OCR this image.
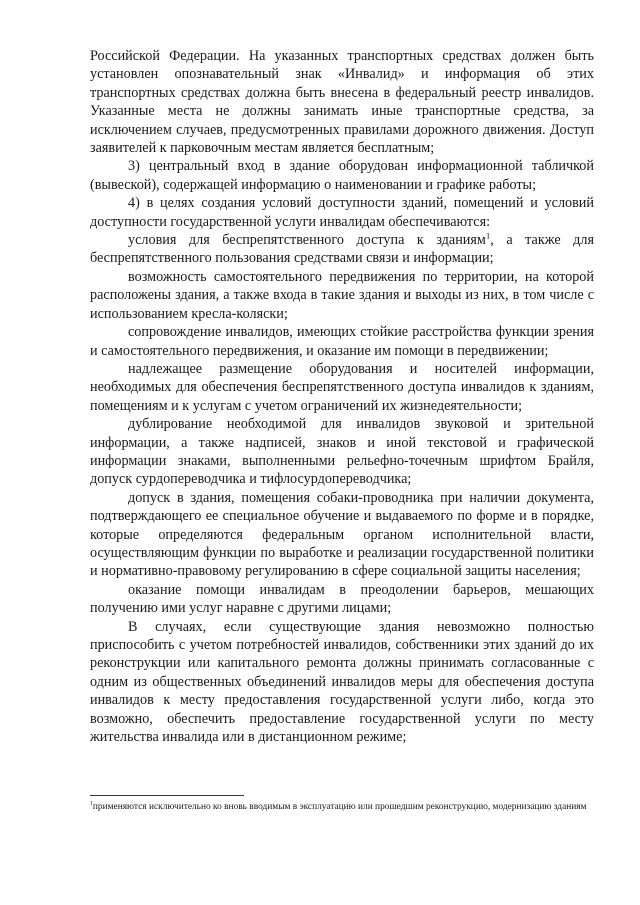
Российской Федерации. На указанных транспортных средствах должен быть установлен опознавательный знак «Инвалид» и информация об этих транспортных средствах должна быть внесена в федеральный реестр инвалидов. Указанные места не должны занимать иные транспортные средства, за исключением случаев, предусмотренных правилами дорожного движения. Доступ заявителей к парковочным местам является бесплатным;

3) центральный вход в здание оборудован информационной табличкой (вывеской), содержащей информацию о наименовании и графике работы;

4) в целях создания условий доступности зданий, помещений и условий доступности государственной услуги инвалидам обеспечиваются:

условия для беспрепятственного доступа к зданиям$^1$, а также для беспрепятственного пользования средствами связи и информации;

возможность самостоятельного передвижения по территории, на которой расположены здания, а также входа в такие здания и выходы из них, в том числе с использованием кресла-коляски;

сопровождение инвалидов, имеющих стойкие расстройства функции зрения и самостоятельного передвижения, и оказание им помощи в передвижении;

надлежащее размещение оборудования и носителей информации, необходимых для обеспечения беспрепятственного доступа инвалидов к зданиям, помещениям и к услугам с учетом ограничений их жизнедеятельности;

дублирование необходимой для инвалидов звуковой и зрительной информации, а также надписей, знаков и иной текстовой и графической информации знаками, выполненными рельефно-точечным шрифтом Брайля, допуск сурдопереводчика и тифлосурдопереводчика;

допуск в здания, помещения собаки-проводника при наличии документа, подтверждающего ее специальное обучение и выдаваемого по форме и в порядке, которые определяются федеральным органом исполнительной власти, осуществляющим функции по выработке и реализации государственной политики и нормативно-правовому регулированию в сфере социальной защиты населения;

оказание помощи инвалидам в преодолении барьеров, мешающих получению ими услуг наравне с другими лицами;

В случаях, если существующие здания невозможно полностью приспособить с учетом потребностей инвалидов, собственники этих зданий до их реконструкции или капитального ремонта должны принимать согласованные с одним из общественных объединений инвалидов меры для обеспечения доступа инвалидов к месту предоставления государственной услуги либо, когда это возможно, обеспечить предоставление государственной услуги по месту жительства инвалида или в дистанционном режиме;

$^1$применяются исключительно ко вновь вводимым в эксплуатацию или прошедшим реконструкцию, модернизацию зданиям
